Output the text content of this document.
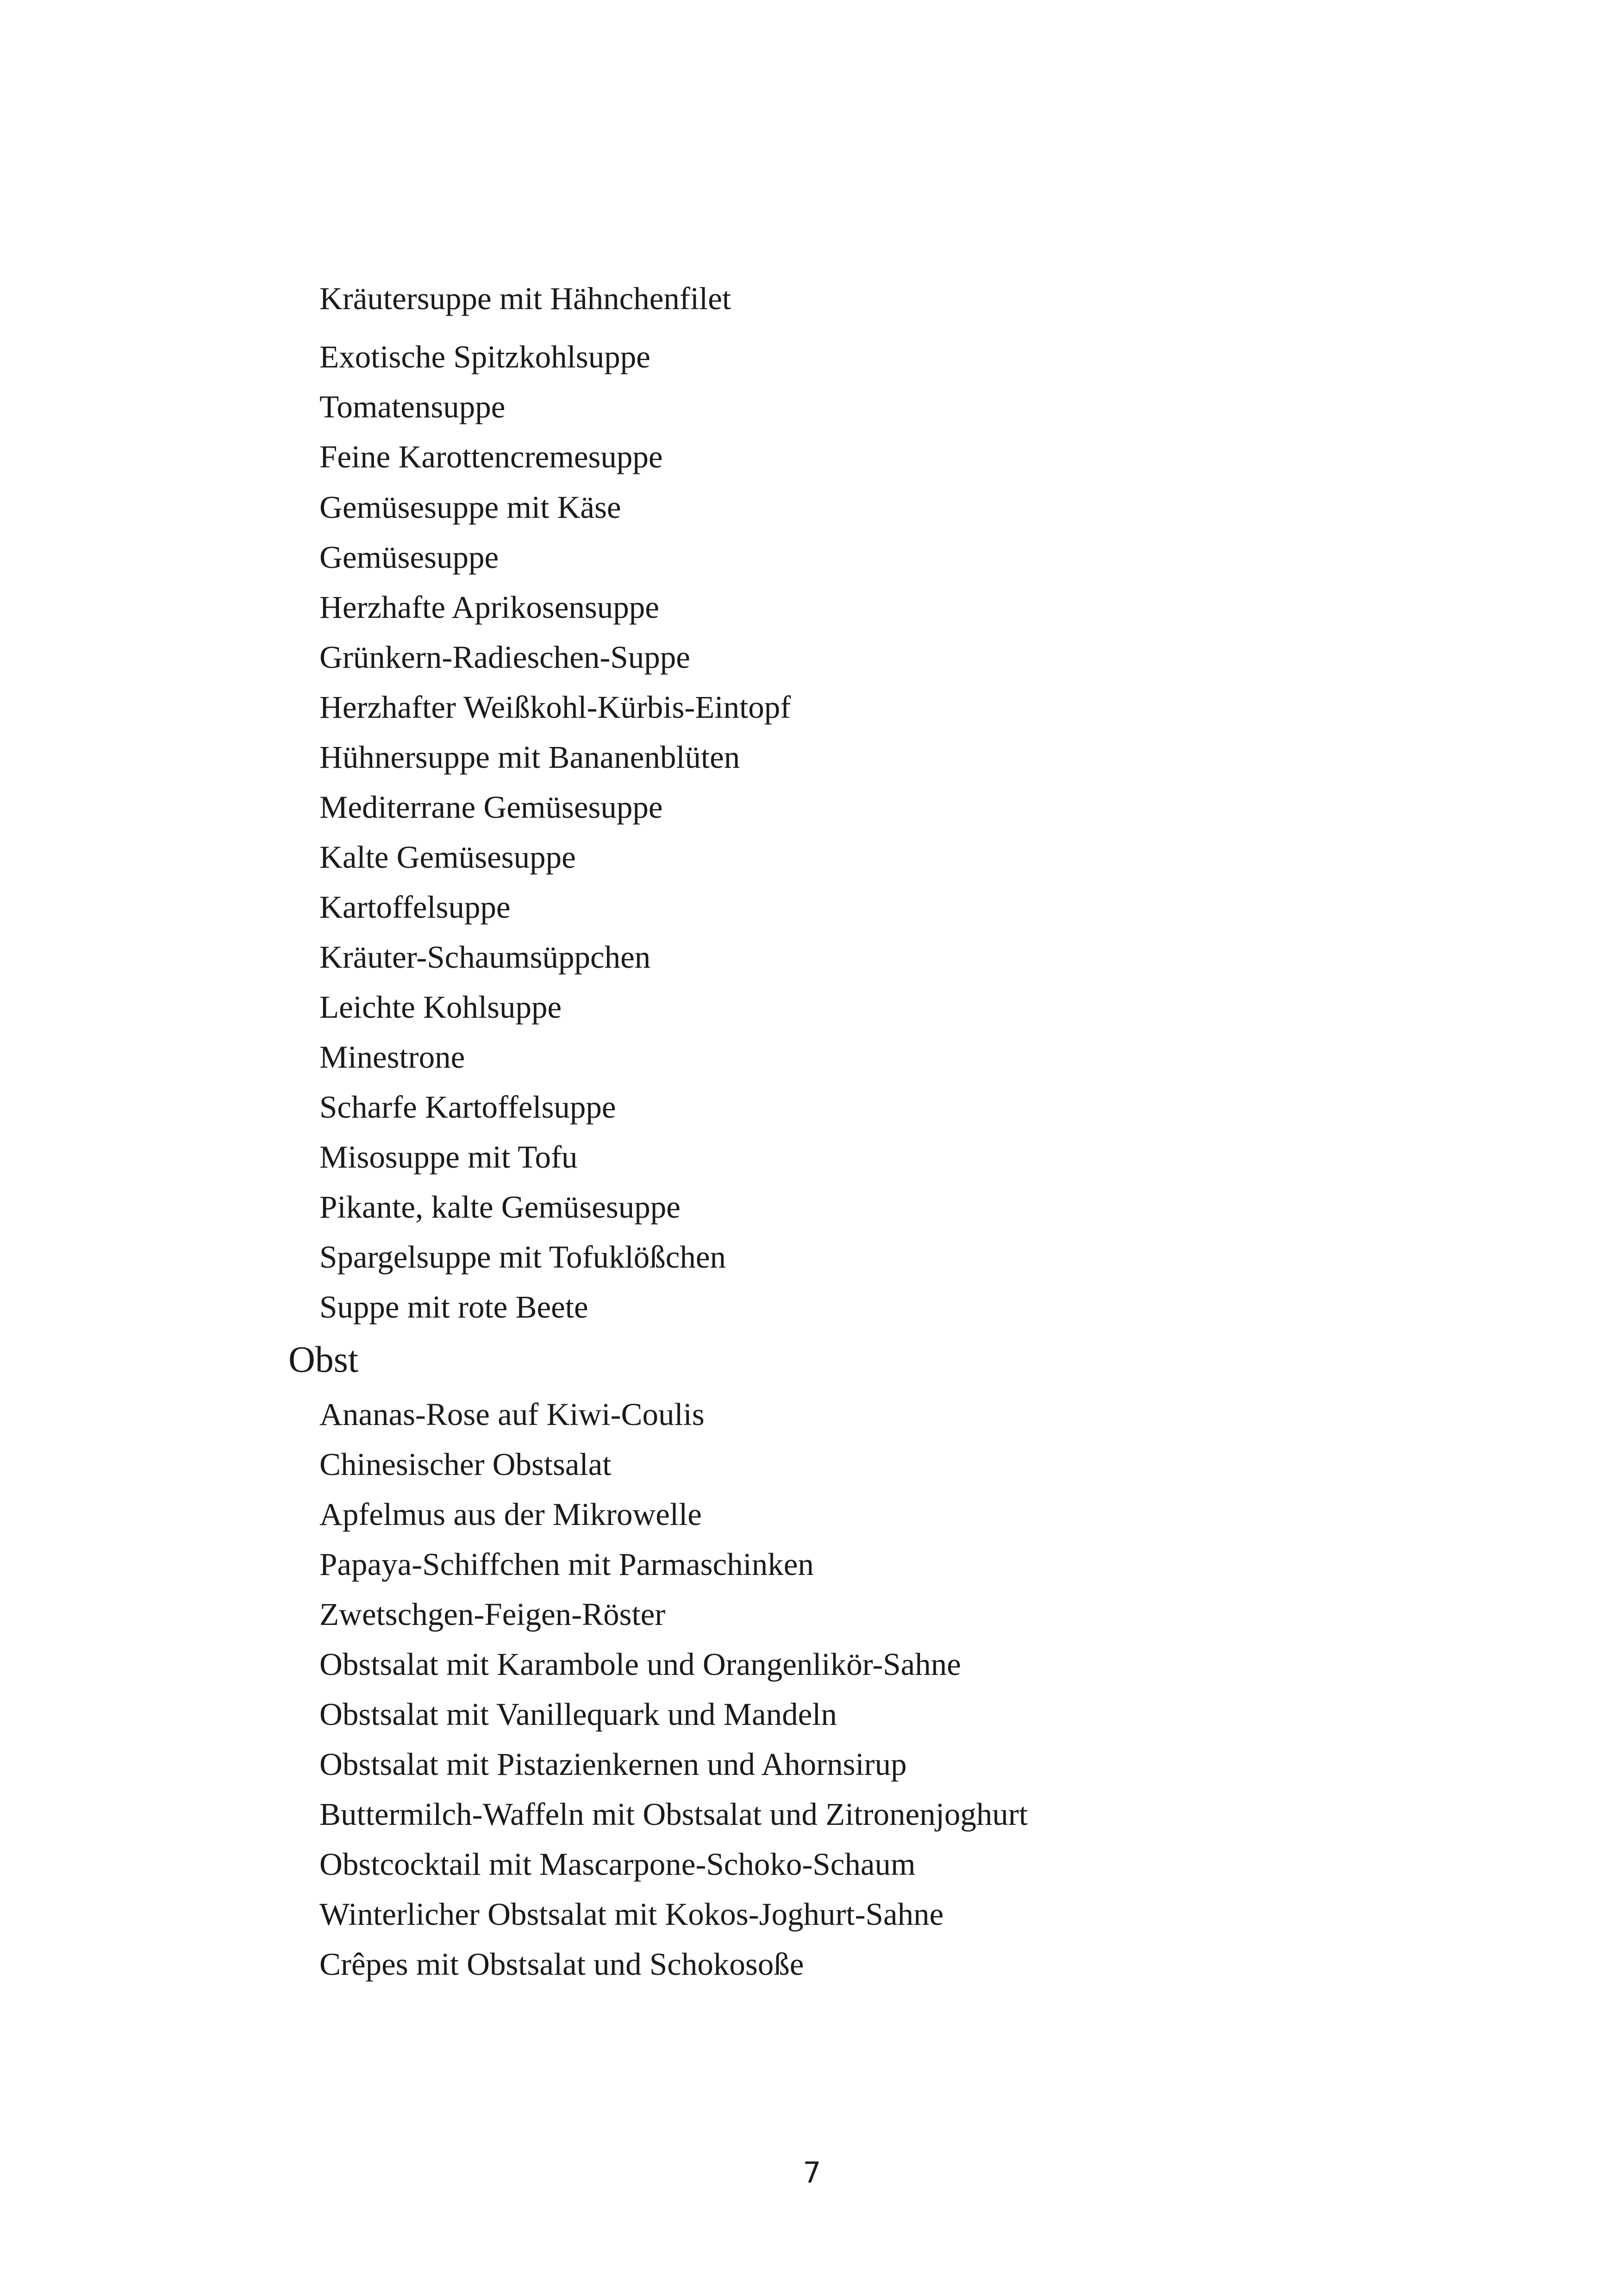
Kräutersuppe mit Hähnchenfilet
Exotische Spitzkohlsuppe
Tomatensuppe
Feine Karottencremesuppe
Gemüsesuppe mit Käse
Gemüsesuppe
Herzhafte Aprikosensuppe
Grünkern-Radieschen-Suppe
Herzhafter Weißkohl-Kürbis-Eintopf
Hühnersuppe mit Bananenblüten
Mediterrane Gemüsesuppe
Kalte Gemüsesuppe
Kartoffelsuppe
Kräuter-Schaumsüppchen
Leichte Kohlsuppe
Minestrone
Scharfe Kartoffelsuppe
Misosuppe mit Tofu
Pikante, kalte Gemüsesuppe
Spargelsuppe mit Tofuklößchen
Suppe mit rote Beete
Obst
Ananas-Rose auf Kiwi-Coulis
Chinesischer Obstsalat
Apfelmus aus der Mikrowelle
Papaya-Schiffchen mit Parmaschinken
Zwetschgen-Feigen-Röster
Obstsalat mit Karambole und Orangenlikör-Sahne
Obstsalat mit Vanillequark und Mandeln
Obstsalat mit Pistazienkernen und Ahornsirup
Buttermilch-Waffeln mit Obstsalat und Zitronenjoghurt
Obstcocktail mit Mascarpone-Schoko-Schaum
Winterlicher Obstsalat mit Kokos-Joghurt-Sahne
Crêpes mit Obstsalat und Schokosoße
7
